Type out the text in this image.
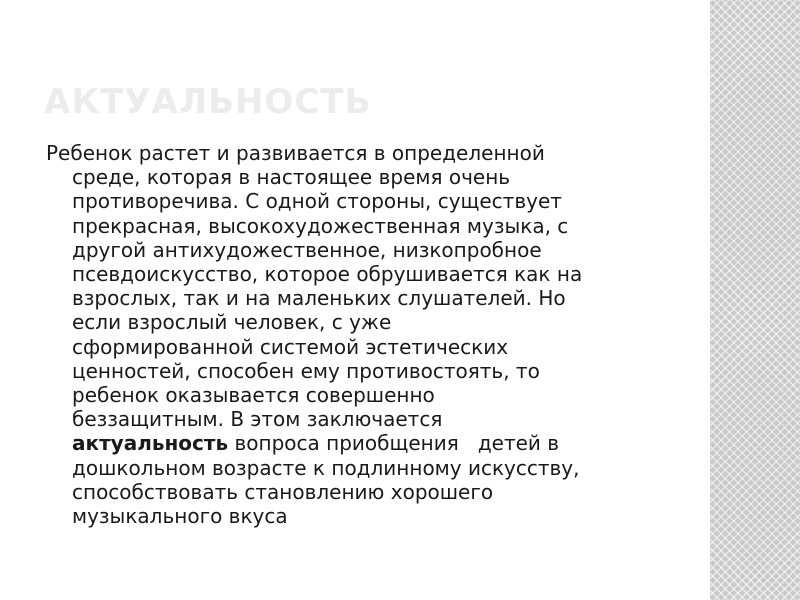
АКТУАЛЬНОСТЬ
Ребенок растет и развивается в определенной
среде, которая в настоящее время очень
противоречива. С одной стороны, существует
прекрасная, высокохудожественная музыка, с
другой антихудожественное, низкопробное
псевдоискусство, которое обрушивается как на
взрослых, так и на маленьких слушателей. Но
если взрослый человек, с уже
сформированной системой эстетических
ценностей, способен ему противостоять, то
ребенок оказывается совершенно
беззащитным. В этом заключается
актуальность вопроса приобщения   детей в
дошкольном возрасте к подлинному искусству,
способствовать становлению хорошего
музыкального вкуса
